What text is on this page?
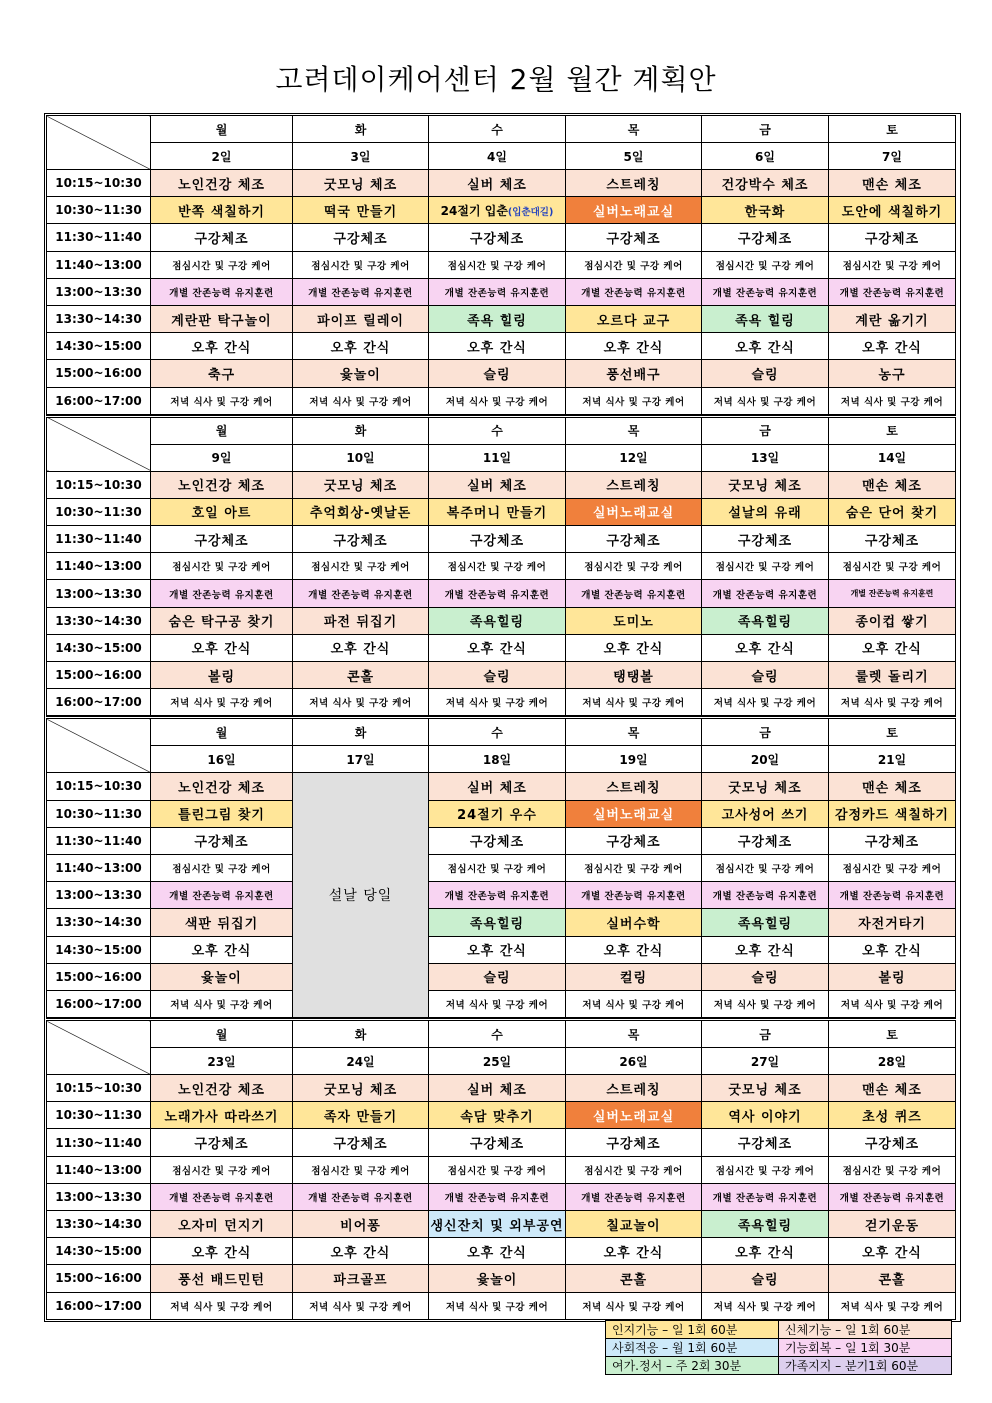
고려데이케어센터 2월 월간 계획안
	월	화	수	목	금	토
	2일	3일	4일	5일	6일	7일
10:15~10:30	노인건강 체조	굿모닝 체조	실버 체조	스트레칭	건강박수 체조	맨손 체조
10:30~11:30	반쪽 색칠하기	떡국 만들기	24절기 입춘(입춘대길)	실버노래교실	한국화	도안에 색칠하기
11:30~11:40	구강체조	구강체조	구강체조	구강체조	구강체조	구강체조
11:40~13:00	점심시간 및 구강 케어	점심시간 및 구강 케어	점심시간 및 구강 케어	점심시간 및 구강 케어	점심시간 및 구강 케어	점심시간 및 구강 케어
13:00~13:30	개별 잔존능력 유지훈련	개별 잔존능력 유지훈련	개별 잔존능력 유지훈련	개별 잔존능력 유지훈련	개별 잔존능력 유지훈련	개별 잔존능력 유지훈련
13:30~14:30	계란판 탁구놀이	파이프 릴레이	족욕 힐링	오르다 교구	족욕 힐링	계란 옮기기
14:30~15:00	오후 간식	오후 간식	오후 간식	오후 간식	오후 간식	오후 간식
15:00~16:00	축구	윷놀이	슬링	풍선배구	슬링	농구
16:00~17:00	저녁 식사 및 구강 케어	저녁 식사 및 구강 케어	저녁 식사 및 구강 케어	저녁 식사 및 구강 케어	저녁 식사 및 구강 케어	저녁 식사 및 구강 케어
	월	화	수	목	금	토
	9일	10일	11일	12일	13일	14일
10:15~10:30	노인건강 체조	굿모닝 체조	실버 체조	스트레칭	굿모닝 체조	맨손 체조
10:30~11:30	호일 아트	추억회상-옛날돈	복주머니 만들기	실버노래교실	설날의 유래	숨은 단어 찾기
11:30~11:40	구강체조	구강체조	구강체조	구강체조	구강체조	구강체조
11:40~13:00	점심시간 및 구강 케어	점심시간 및 구강 케어	점심시간 및 구강 케어	점심시간 및 구강 케어	점심시간 및 구강 케어	점심시간 및 구강 케어
13:00~13:30	개별 잔존능력 유지훈련	개별 잔존능력 유지훈련	개별 잔존능력 유지훈련	개별 잔존능력 유지훈련	개별 잔존능력 유지훈련	개별 잔존능력 유지훈련
13:30~14:30	숨은 탁구공 찾기	파전 뒤집기	족욕힐링	도미노	족욕힐링	종이컵 쌓기
14:30~15:00	오후 간식	오후 간식	오후 간식	오후 간식	오후 간식	오후 간식
15:00~16:00	볼링	콘홀	슬링	탱탱볼	슬링	룰렛 돌리기
16:00~17:00	저녁 식사 및 구강 케어	저녁 식사 및 구강 케어	저녁 식사 및 구강 케어	저녁 식사 및 구강 케어	저녁 식사 및 구강 케어	저녁 식사 및 구강 케어
	월	화	수	목	금	토
	16일	17일	18일	19일	20일	21일
10:15~10:30	노인건강 체조	설날 당일	실버 체조	스트레칭	굿모닝 체조	맨손 체조
10:30~11:30	틀린그림 찾기		24절기 우수	실버노래교실	고사성어 쓰기	감정카드 색칠하기
11:30~11:40	구강체조		구강체조	구강체조	구강체조	구강체조
11:40~13:00	점심시간 및 구강 케어		점심시간 및 구강 케어	점심시간 및 구강 케어	점심시간 및 구강 케어	점심시간 및 구강 케어
13:00~13:30	개별 잔존능력 유지훈련		개별 잔존능력 유지훈련	개별 잔존능력 유지훈련	개별 잔존능력 유지훈련	개별 잔존능력 유지훈련
13:30~14:30	색판 뒤집기		족욕힐링	실버수학	족욕힐링	자전거타기
14:30~15:00	오후 간식		오후 간식	오후 간식	오후 간식	오후 간식
15:00~16:00	윷놀이		슬링	컬링	슬링	볼링
16:00~17:00	저녁 식사 및 구강 케어		저녁 식사 및 구강 케어	저녁 식사 및 구강 케어	저녁 식사 및 구강 케어	저녁 식사 및 구강 케어
	월	화	수	목	금	토
	23일	24일	25일	26일	27일	28일
10:15~10:30	노인건강 체조	굿모닝 체조	실버 체조	스트레칭	굿모닝 체조	맨손 체조
10:30~11:30	노래가사 따라쓰기	족자 만들기	속담 맞추기	실버노래교실	역사 이야기	초성 퀴즈
11:30~11:40	구강체조	구강체조	구강체조	구강체조	구강체조	구강체조
11:40~13:00	점심시간 및 구강 케어	점심시간 및 구강 케어	점심시간 및 구강 케어	점심시간 및 구강 케어	점심시간 및 구강 케어	점심시간 및 구강 케어
13:00~13:30	개별 잔존능력 유지훈련	개별 잔존능력 유지훈련	개별 잔존능력 유지훈련	개별 잔존능력 유지훈련	개별 잔존능력 유지훈련	개별 잔존능력 유지훈련
13:30~14:30	오자미 던지기	비어퐁	생신잔치 및 외부공연	칠교놀이	족욕힐링	걷기운동
14:30~15:00	오후 간식	오후 간식	오후 간식	오후 간식	오후 간식	오후 간식
15:00~16:00	풍선 배드민턴	파크골프	윷놀이	콘홀	슬링	콘홀
16:00~17:00	저녁 식사 및 구강 케어	저녁 식사 및 구강 케어	저녁 식사 및 구강 케어	저녁 식사 및 구강 케어	저녁 식사 및 구강 케어	저녁 식사 및 구강 케어
인지기능 – 일 1회 60분	신체기능 – 일 1회 60분
사회적응 – 월 1회 60분	기능회복 – 일 1회 30분
여가.정서 – 주 2회 30분	가족지지 – 분기1회 60분
